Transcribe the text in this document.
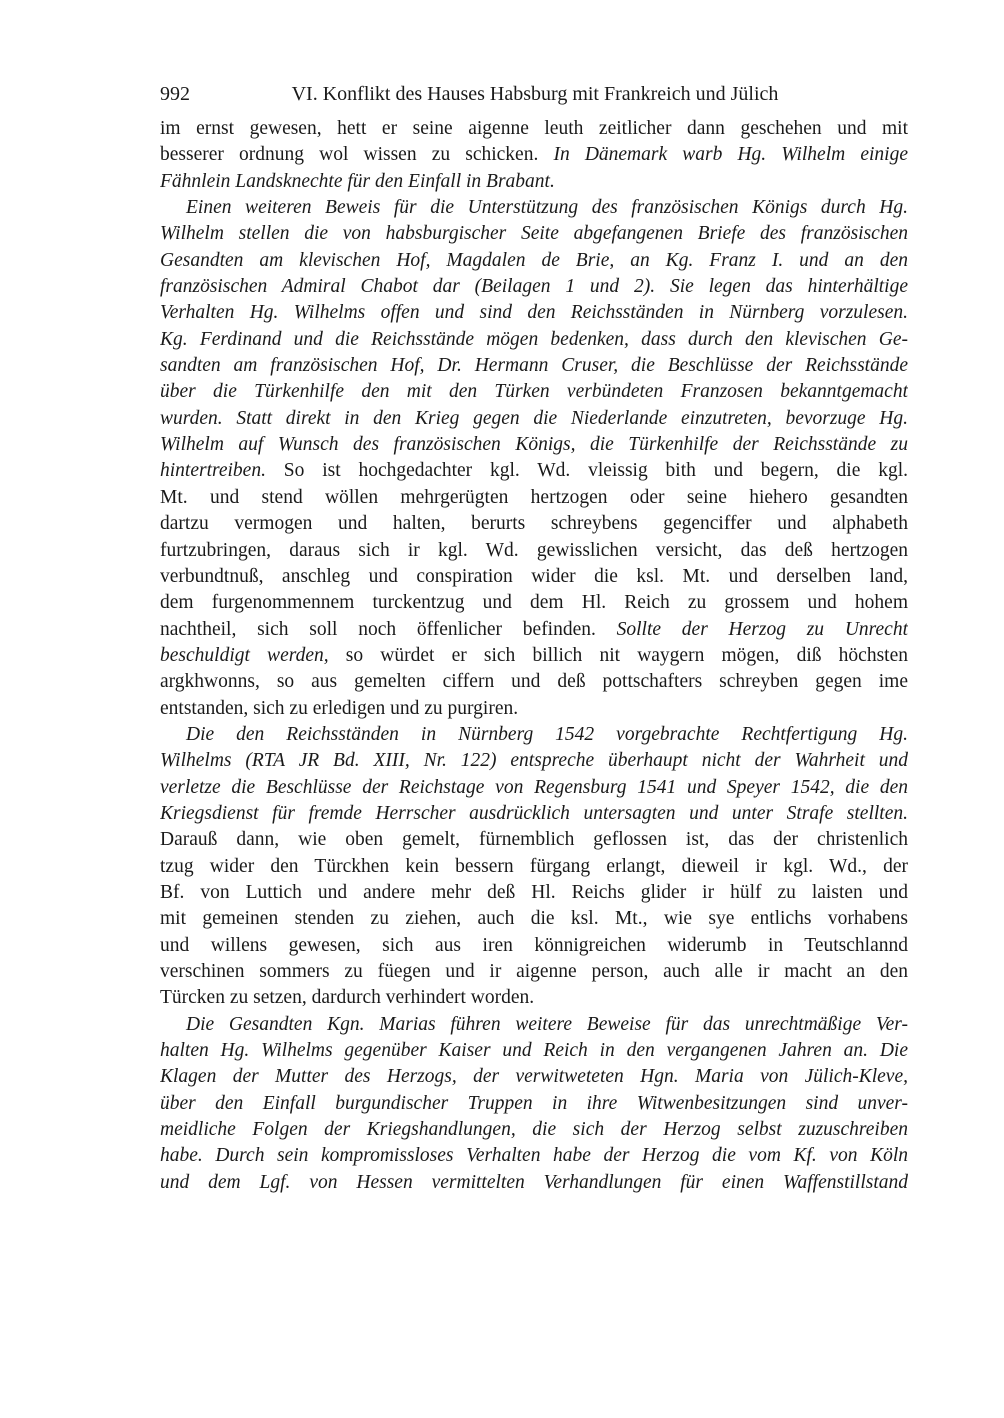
992	VI. Konflikt des Hauses Habsburg mit Frankreich und Jülich
im ernst gewesen, hett er seine aigenne leuth zeitlicher dann geschehen und mit
besserer ordnung wol wissen zu schicken. In Dänemark warb Hg. Wilhelm einige
Fähnlein Landsknechte für den Einfall in Brabant.
Einen weiteren Beweis für die Unterstützung des französischen Königs durch Hg.
Wilhelm stellen die von habsburgischer Seite abgefangenen Briefe des französischen
Gesandten am klevischen Hof, Magdalen de Brie, an Kg. Franz I. und an den
französischen Admiral Chabot dar (Beilagen 1 und 2). Sie legen das hinterhältige
Verhalten Hg. Wilhelms offen und sind den Reichsständen in Nürnberg vorzulesen.
Kg. Ferdinand und die Reichsstände mögen bedenken, dass durch den klevischen Ge-
sandten am französischen Hof, Dr. Hermann Cruser, die Beschlüsse der Reichsstände
über die Türkenhilfe den mit den Türken verbündeten Franzosen bekanntgemacht
wurden. Statt direkt in den Krieg gegen die Niederlande einzutreten, bevorzuge Hg.
Wilhelm auf Wunsch des französischen Königs, die Türkenhilfe der Reichsstände zu
hintertreiben. So ist hochgedachter kgl. Wd. vleissig bith und begern, die kgl.
Mt. und stend wöllen mehrgerügten hertzogen oder seine hiehero gesandten
dartzu vermogen und halten, berurts schreybens gegenciffer und alphabeth
furtzubringen, daraus sich ir kgl. Wd. gewisslichen versicht, das deß hertzogen
verbundtnuß, anschleg und conspiration wider die ksl. Mt. und derselben land,
dem furgenommennem turckentzug und dem Hl. Reich zu grossem und hohem
nachtheil, sich soll noch öffenlicher befinden. Sollte der Herzog zu Unrecht
beschuldigt werden, so würdet er sich billich nit waygern mögen, diß höchsten
argkhwonns, so aus gemelten ciffern und deß pottschafters schreyben gegen ime
entstanden, sich zu erledigen und zu purgiren.
Die den Reichsständen in Nürnberg 1542 vorgebrachte Rechtfertigung Hg.
Wilhelms (RTA JR Bd. XIII, Nr. 122) entspreche überhaupt nicht der Wahrheit und
verletze die Beschlüsse der Reichstage von Regensburg 1541 und Speyer 1542, die den
Kriegsdienst für fremde Herrscher ausdrücklich untersagten und unter Strafe stellten.
Darauß dann, wie oben gemelt, fürnemblich geflossen ist, das der christenlich
tzug wider den Türckhen kein bessern fürgang erlangt, dieweil ir kgl. Wd., der
Bf. von Luttich und andere mehr deß Hl. Reichs glider ir hülf zu laisten und
mit gemeinen stenden zu ziehen, auch die ksl. Mt., wie sye entlichs vorhabens
und willens gewesen, sich aus iren könnigreichen widerumb in Teutschlannd
verschinen sommers zu füegen und ir aigenne person, auch alle ir macht an den
Türcken zu setzen, dardurch verhindert worden.
Die Gesandten Kgn. Marias führen weitere Beweise für das unrechtmäßige Ver-
halten Hg. Wilhelms gegenüber Kaiser und Reich in den vergangenen Jahren an. Die
Klagen der Mutter des Herzogs, der verwitweteten Hgn. Maria von Jülich-Kleve,
über den Einfall burgundischer Truppen in ihre Witwenbesitzungen sind unver-
meidliche Folgen der Kriegshandlungen, die sich der Herzog selbst zuzuschreiben
habe. Durch sein kompromissloses Verhalten habe der Herzog die vom Kf. von Köln
und dem Lgf. von Hessen vermittelten Verhandlungen für einen Waffenstillstand
